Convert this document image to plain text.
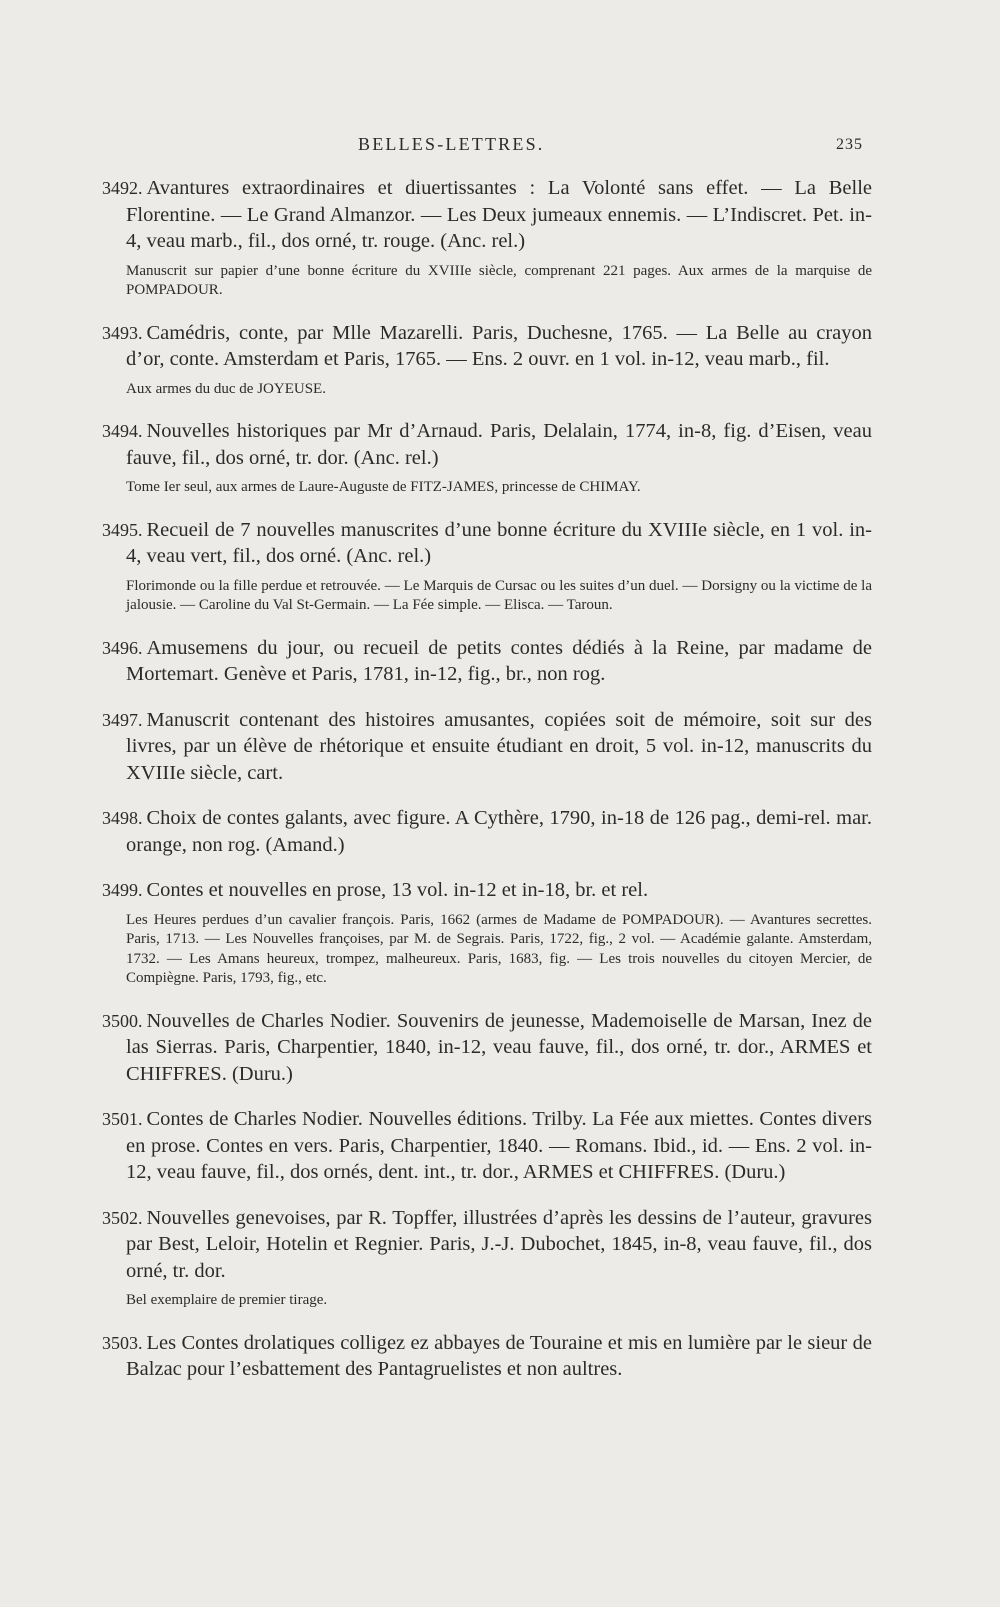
BELLES-LETTRES.	235

3492. Avantures extraordinaires et diuertissantes : La Volonté sans effet. — La Belle Florentine. — Le Grand Almanzor. — Les Deux jumeaux ennemis. — L’Indiscret. Pet. in-4, veau marb., fil., dos orné, tr. rouge. (Anc. rel.)

Manuscrit sur papier d’une bonne écriture du XVIIIe siècle, comprenant 221 pages. Aux armes de la marquise de POMPADOUR.

3493. Camédris, conte, par Mlle Mazarelli. Paris, Duchesne, 1765. — La Belle au crayon d’or, conte. Amsterdam et Paris, 1765. — Ens. 2 ouvr. en 1 vol. in-12, veau marb., fil.

Aux armes du duc de JOYEUSE.

3494. Nouvelles historiques par Mr d’Arnaud. Paris, Delalain, 1774, in-8, fig. d’Eisen, veau fauve, fil., dos orné, tr. dor. (Anc. rel.)

Tome Ier seul, aux armes de Laure-Auguste de FITZ-JAMES, princesse de CHIMAY.

3495. Recueil de 7 nouvelles manuscrites d’une bonne écriture du XVIIIe siècle, en 1 vol. in-4, veau vert, fil., dos orné. (Anc. rel.)

Florimonde ou la fille perdue et retrouvée. — Le Marquis de Cursac ou les suites d’un duel. — Dorsigny ou la victime de la jalousie. — Caroline du Val St-Germain. — La Fée simple. — Elisca. — Taroun.

3496. Amusemens du jour, ou recueil de petits contes dédiés à la Reine, par madame de Mortemart. Genève et Paris, 1781, in-12, fig., br., non rog.

3497. Manuscrit contenant des histoires amusantes, copiées soit de mémoire, soit sur des livres, par un élève de rhétorique et ensuite étudiant en droit, 5 vol. in-12, manuscrits du XVIIIe siècle, cart.

3498. Choix de contes galants, avec figure. A Cythère, 1790, in-18 de 126 pag., demi-rel. mar. orange, non rog. (Amand.)

3499. Contes et nouvelles en prose, 13 vol. in-12 et in-18, br. et rel.

Les Heures perdues d’un cavalier françois. Paris, 1662 (armes de Madame de POMPADOUR). — Avantures secrettes. Paris, 1713. — Les Nouvelles françoises, par M. de Segrais. Paris, 1722, fig., 2 vol. — Académie galante. Amsterdam, 1732. — Les Amans heureux, trompez, malheureux. Paris, 1683, fig. — Les trois nouvelles du citoyen Mercier, de Compiègne. Paris, 1793, fig., etc.

3500. Nouvelles de Charles Nodier. Souvenirs de jeunesse, Mademoiselle de Marsan, Inez de las Sierras. Paris, Charpentier, 1840, in-12, veau fauve, fil., dos orné, tr. dor., ARMES et CHIFFRES. (Duru.)

3501. Contes de Charles Nodier. Nouvelles éditions. Trilby. La Fée aux miettes. Contes divers en prose. Contes en vers. Paris, Charpentier, 1840. — Romans. Ibid., id. — Ens. 2 vol. in-12, veau fauve, fil., dos ornés, dent. int., tr. dor., ARMES et CHIFFRES. (Duru.)

3502. Nouvelles genevoises, par R. Topffer, illustrées d’après les dessins de l’auteur, gravures par Best, Leloir, Hotelin et Regnier. Paris, J.-J. Dubochet, 1845, in-8, veau fauve, fil., dos orné, tr. dor.

Bel exemplaire de premier tirage.

3503. Les Contes drolatiques colligez ez abbayes de Touraine et mis en lumière par le sieur de Balzac pour l’esbattement des Pantagruelistes et non aultres.
